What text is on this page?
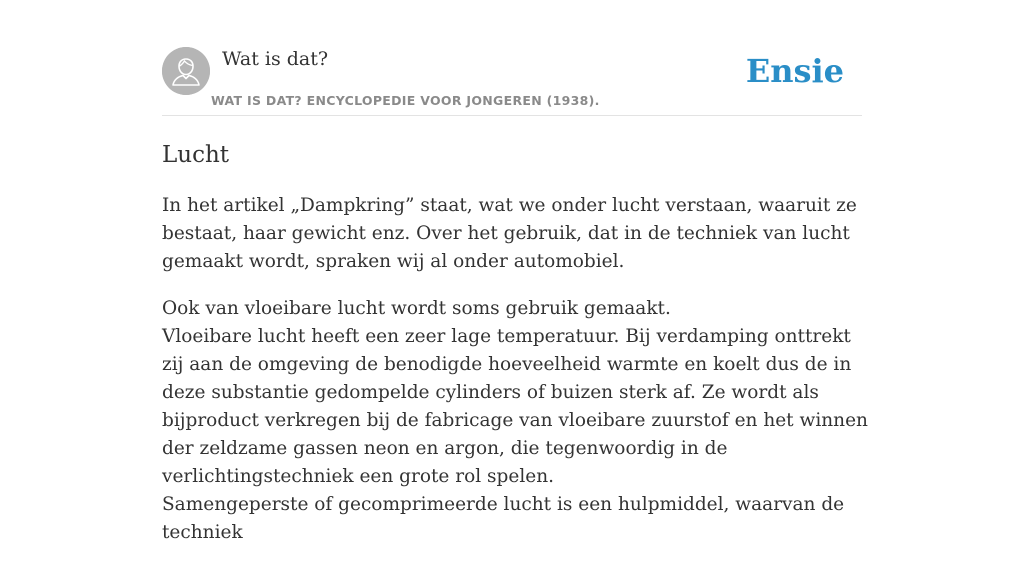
Wat is dat?
WAT IS DAT? ENCYCLOPEDIE VOOR JONGEREN (1938).
Ensie
Lucht

In het artikel „Dampkring” staat, wat we onder lucht verstaan, waaruit ze bestaat, haar gewicht enz. Over het gebruik, dat in de techniek van lucht gemaakt wordt, spraken wij al onder automobiel.

Ook van vloeibare lucht wordt soms gebruik gemaakt.
Vloeibare lucht heeft een zeer lage temperatuur. Bij verdamping onttrekt zij aan de omgeving de benodigde hoeveelheid warmte en koelt dus de in deze substantie gedompelde cylinders of buizen sterk af. Ze wordt als bijproduct verkregen bij de fabricage van vloeibare zuurstof en het winnen der zeldzame gassen neon en argon, die tegenwoordig in de verlichtingstechniek een grote rol spelen.
Samengeperste of gecomprimeerde lucht is een hulpmiddel, waarvan de techniek
